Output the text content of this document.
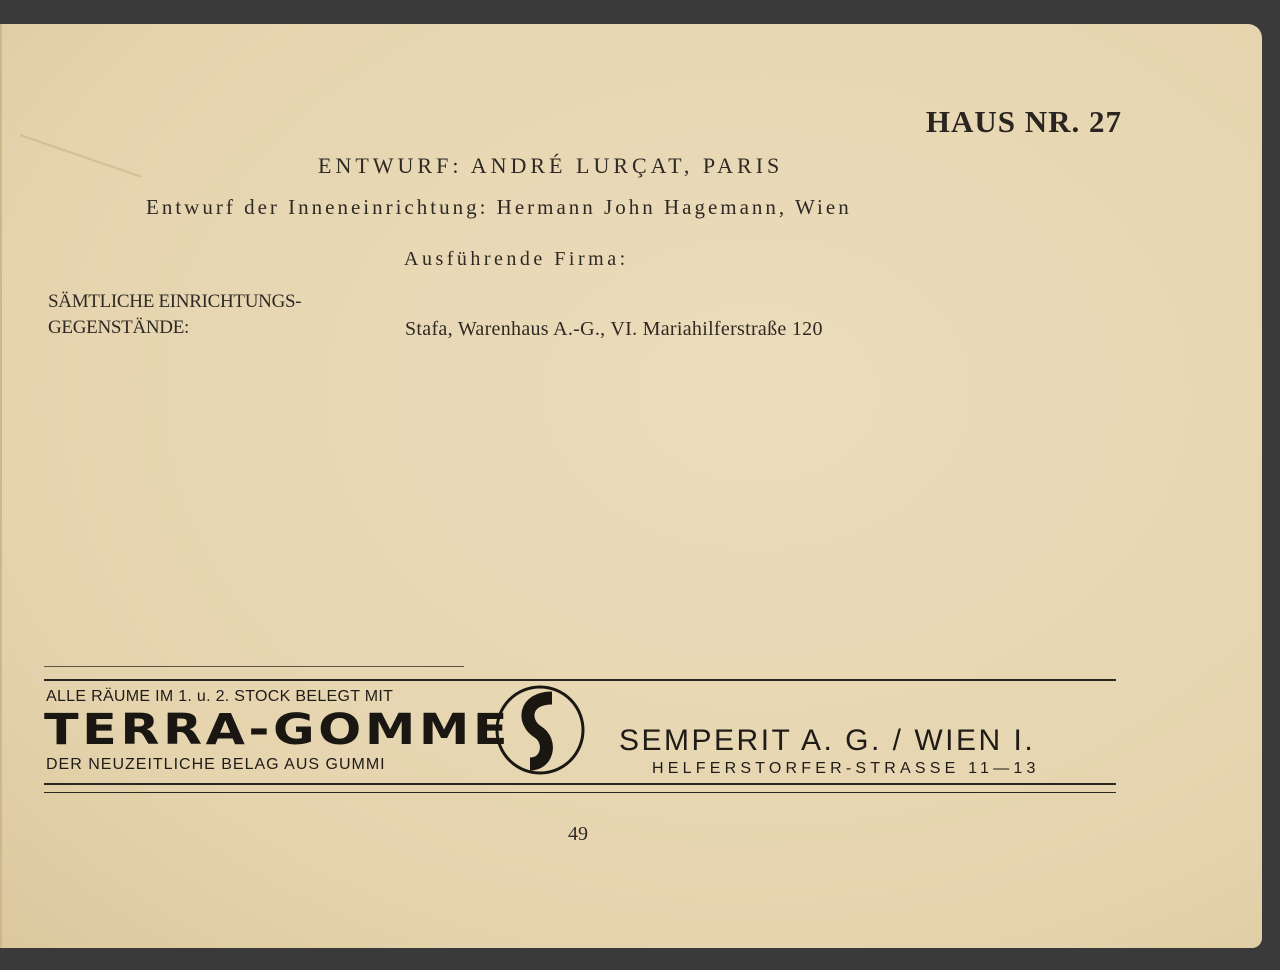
HAUS NR. 27
ENTWURF: ANDRÉ LURÇAT, PARIS
Entwurf der Inneneinrichtung: Hermann John Hagemann, Wien
Ausführende Firma:
SÄMTLICHE EINRICHTUNGS-
GEGENSTÄNDE:	Stafa, Warenhaus A.-G., VI. Mariahilferstraße 120
ALLE RÄUME IM 1. u. 2. STOCK BELEGT MIT
TERRA-GOMME
DER NEUZEITLICHE BELAG AUS GUMMI
SEMPERIT A. G. / WIEN I.
HELFERSTORFER-STRASSE 11—13
49
